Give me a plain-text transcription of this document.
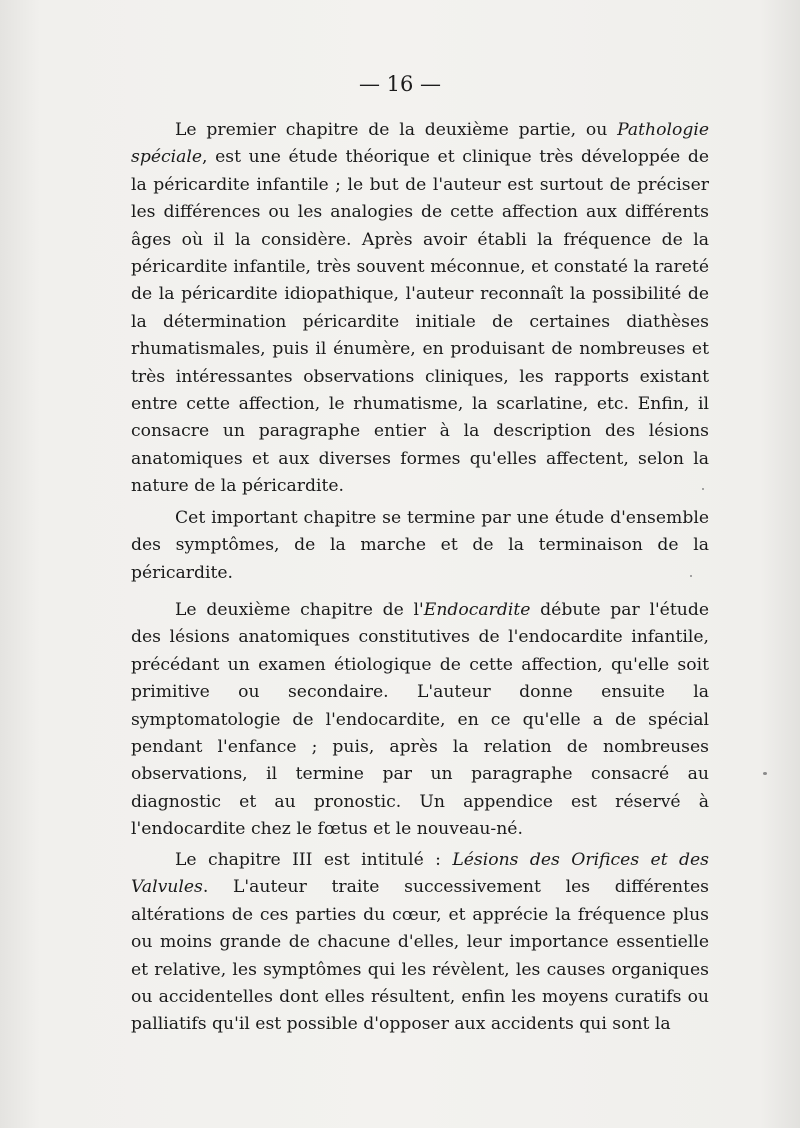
— 16 —

Le premier chapitre de la deuxième partie, ou Pathologie spéciale, est une étude théorique et clinique très développée de la péricardite infantile ; le but de l'auteur est surtout de préciser les différences ou les analogies de cette affection aux différents âges où il la considère. Après avoir établi la fréquence de la péricardite infantile, très souvent méconnue, et constaté la rareté de la péricardite idiopathique, l'auteur reconnaît la possibilité de la détermination péricardite initiale de certaines diathèses rhumatismales, puis il énumère, en produisant de nombreuses et très intéressantes observations cliniques, les rapports existant entre cette affection, le rhumatisme, la scarlatine, etc. Enfin, il consacre un paragraphe entier à la description des lésions anatomiques et aux diverses formes qu'elles affectent, selon la nature de la péricardite.

Cet important chapitre se termine par une étude d'ensemble des symptômes, de la marche et de la terminaison de la péricardite.

Le deuxième chapitre de l'Endocardite débute par l'étude des lésions anatomiques constitutives de l'endocardite infantile, précédant un examen étiologique de cette affection, qu'elle soit primitive ou secondaire. L'auteur donne ensuite la symptomatologie de l'endocardite, en ce qu'elle a de spécial pendant l'enfance ; puis, après la relation de nombreuses observations, il termine par un paragraphe consacré au diagnostic et au pronostic. Un appendice est réservé à l'endocardite chez le fœtus et le nouveau-né.

Le chapitre III est intitulé : Lésions des Orifices et des Valvules. L'auteur traite successivement les différentes altérations de ces parties du cœur, et apprécie la fréquence plus ou moins grande de chacune d'elles, leur importance essentielle et relative, les symptômes qui les révèlent, les causes organiques ou accidentelles dont elles résultent, enfin les moyens curatifs ou palliatifs qu'il est possible d'opposer aux accidents qui sont la
